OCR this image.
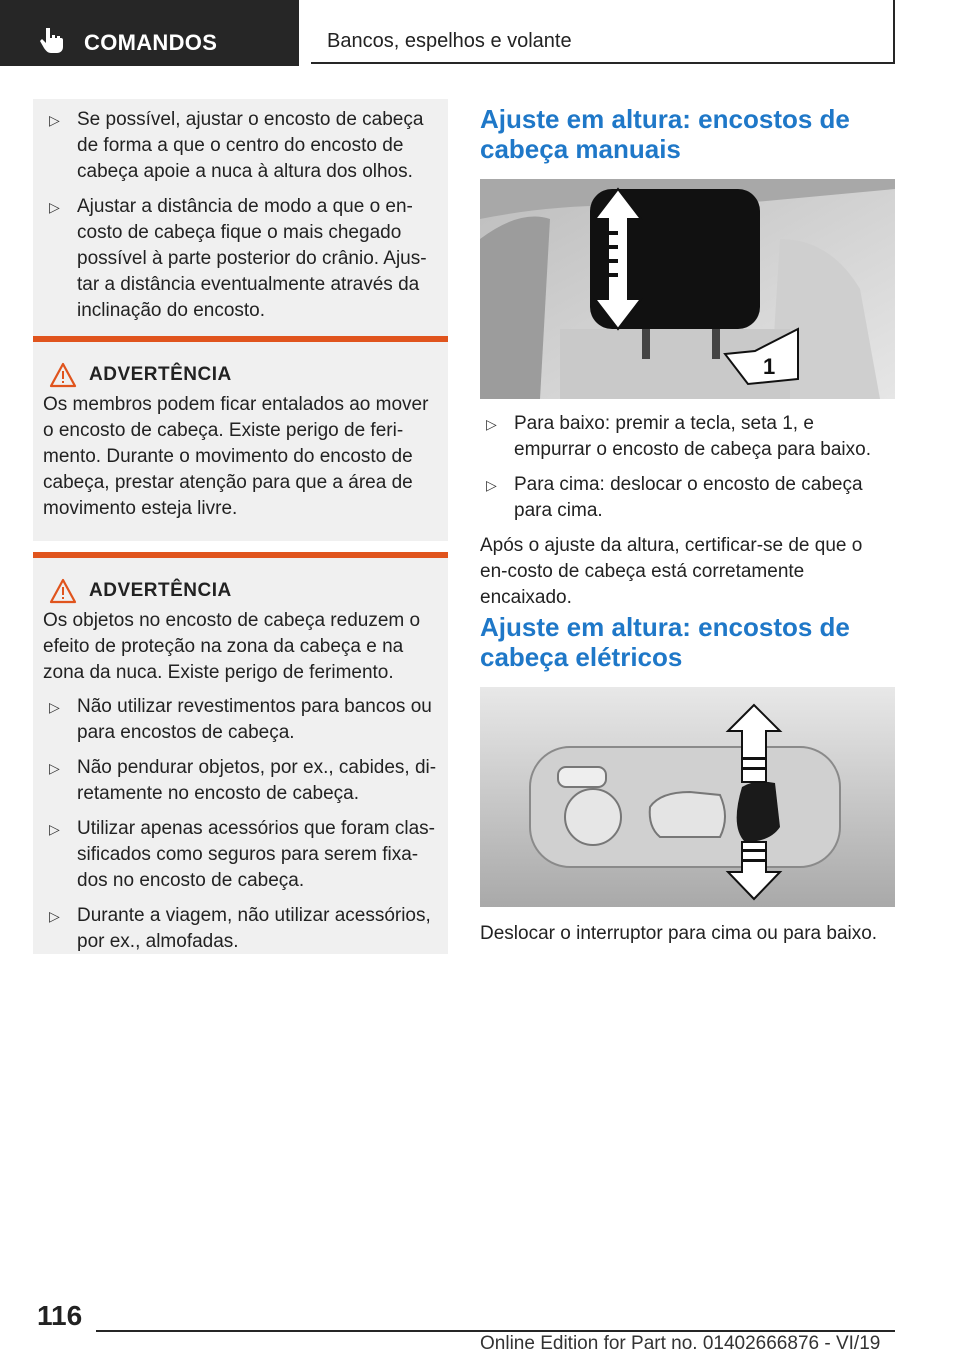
COMANDOS	Bancos, espelhos e volante
▷ Se possível, ajustar o encosto de cabeça de forma a que o centro do encosto de cabeça apoie a nuca à altura dos olhos.
▷ Ajustar a distância de modo a que o en-costo de cabeça fique o mais chegado possível à parte posterior do crânio. Ajus-tar a distância eventualmente através da inclinação do encosto.
ADVERTÊNCIA

Os membros podem ficar entalados ao mover o encosto de cabeça. Existe perigo de feri-mento. Durante o movimento do encosto de cabeça, prestar atenção para que a área de movimento esteja livre.

ADVERTÊNCIA

Os objetos no encosto de cabeça reduzem o efeito de proteção na zona da cabeça e na zona da nuca. Existe perigo de ferimento.

▷ Não utilizar revestimentos para bancos ou para encostos de cabeça.
▷ Não pendurar objetos, por ex., cabides, di-retamente no encosto de cabeça.
▷ Utilizar apenas acessórios que foram clas-sificados como seguros para serem fixa-dos no encosto de cabeça.
▷ Durante a viagem, não utilizar acessórios, por ex., almofadas.
Ajuste em altura: encostos de cabeça manuais
1
▷ Para baixo: premir a tecla, seta 1, e empurrar o encosto de cabeça para baixo.
▷ Para cima: deslocar o encosto de cabeça para cima.

Após o ajuste da altura, certificar-se de que o en-costo de cabeça está corretamente encaixado.

Ajuste em altura: encostos de cabeça elétricos

Deslocar o interruptor para cima ou para baixo.

116
Online Edition for Part no. 01402666876 - VI/19
